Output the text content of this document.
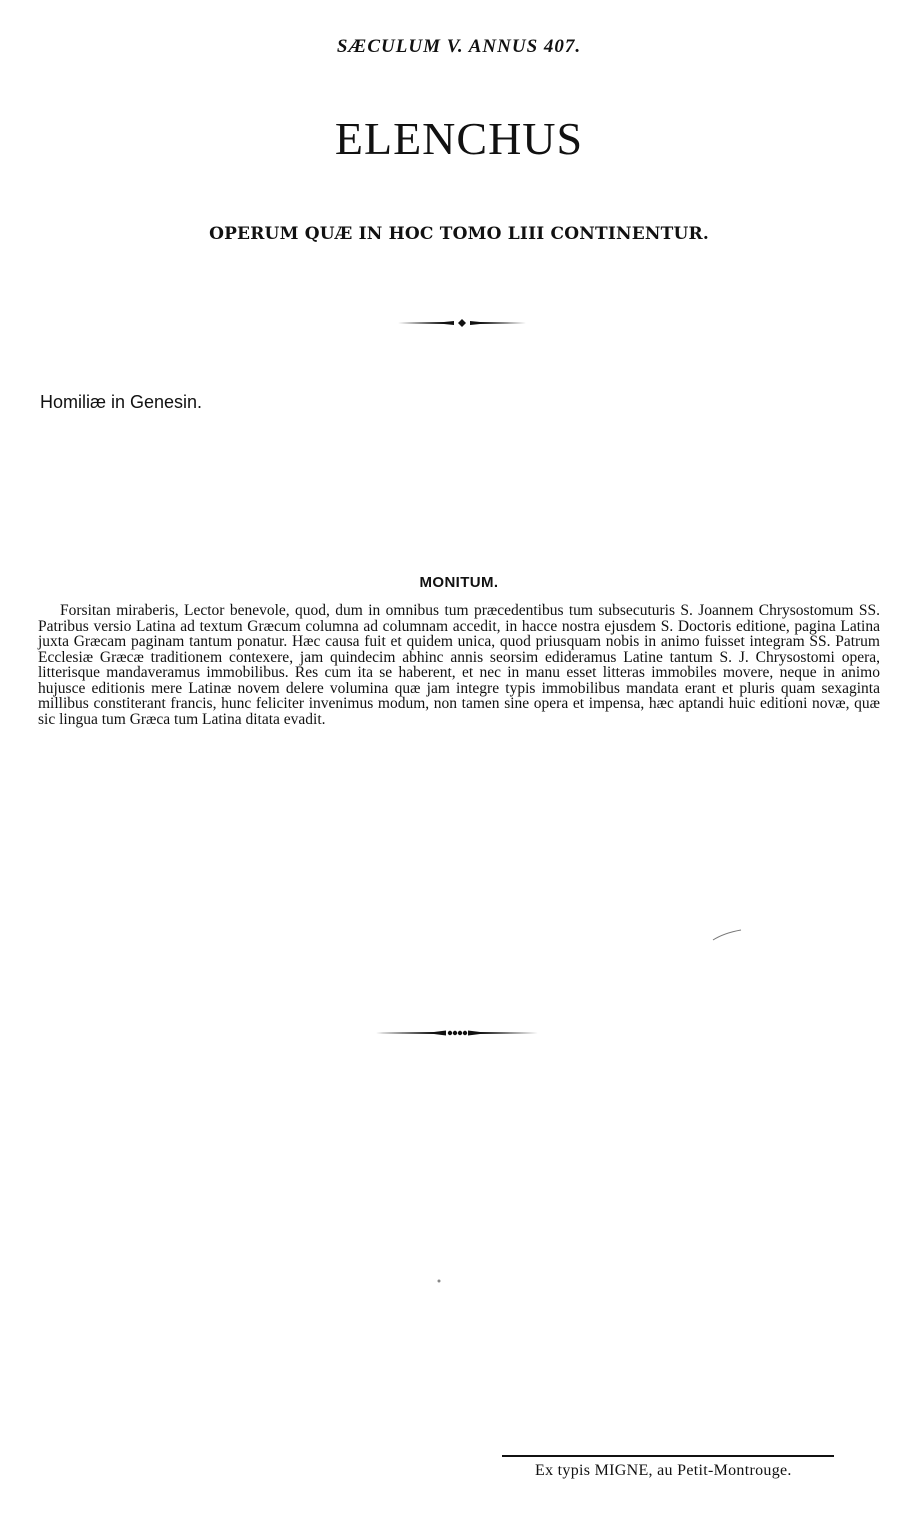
SÆCULUM V. ANNUS 407.
ELENCHUS
OPERUM QUÆ IN HOC TOMO LIII CONTINENTUR.
Homiliæ in Genesin.
MONITUM.

Forsitan miraberis, Lector benevole, quod, dum in omnibus tum præcedentibus tum subsecuturis S. Joannem Chrysostomum SS. Patribus versio Latina ad textum Græcum columna ad columnam accedit, in hacce nostra ejusdem S. Doctoris editione, pagina Latina juxta Græcam paginam tantum ponatur. Hæc causa fuit et quidem unica, quod priusquam nobis in animo fuisset integram SS. Patrum Ecclesiæ Græcæ traditionem contexere, jam quindecim abhinc annis seorsim edideramus Latine tantum S. J. Chrysostomi opera, litterisque mandaveramus immobilibus. Res cum ita se haberent, et nec in manu esset litteras immobiles movere, neque in animo hujusce editionis mere Latinæ novem delere volumina quæ jam integre typis immobilibus mandata erant et pluris quam sexaginta millibus constiterant francis, hunc feliciter invenimus modum, non tamen sine opera et impensa, hæc aptandi huic editioni novæ, quæ sic lingua tum Græca tum Latina ditata evadit.

Ex typis MIGNE, au Petit-Montrouge.
